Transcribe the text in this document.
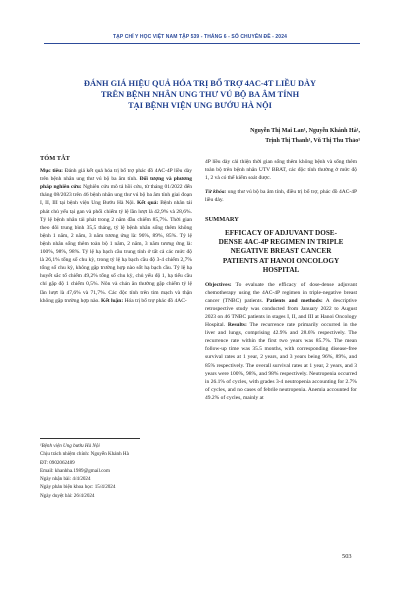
TẠP CHÍ Y HỌC VIỆT NAM TẬP 539 - THÁNG 6 - SỐ CHUYÊN ĐỀ - 2024
ĐÁNH GIÁ HIỆU QUẢ HÓA TRỊ BỔ TRỢ 4AC-4T LIỀU DÀY
TRÊN BỆNH NHÂN UNG THƯ VÚ BỘ BA ÂM TÍNH
TẠI BỆNH VIỆN UNG BƯỚU HÀ NỘI
Nguyễn Thị Mai Lan¹, Nguyễn Khánh Hà¹,
Trịnh Thị Thanh¹, Vũ Thị Thu Thảo¹

TÓM TẮT

Mục tiêu: Đánh giá kết quả hóa trị bổ trợ phác đồ 4AC-4P liều dày trên bệnh nhân ung thư vú bộ ba âm tính. Đối tượng và phương pháp nghiên cứu: Nghiên cứu mô tả hồi cứu, từ tháng 01/2022 đến tháng 08/2023 trên 46 bệnh nhân ung thư vú bộ ba âm tính giai đoạn I, II, III tại bệnh viện Ung Bướu Hà Nội. Kết quả: Bệnh nhân tái phát chủ yếu tại gan và phổi chiếm tỷ lệ lần lượt là 42,9% và 28,6%. Tỷ lệ bệnh nhân tái phát trong 2 năm đầu chiếm 85,7%. Thời gian theo dõi trung bình 35,5 tháng, tỷ lệ bệnh nhân sống thêm không bệnh 1 năm, 2 năm, 3 năm tương ứng là: 96%, 89%, 85%. Tỷ lệ bệnh nhân sống thêm toàn bộ 1 năm, 2 năm, 3 năm tương ứng là: 100%, 98%, 98%. Tỷ lệ hạ bạch cầu trung tính ở tất cả các mức độ là 26,1% tổng số chu kỳ, trong tỷ lệ hạ bạch cầu độ 3-4 chiếm 2,7% tổng số chu kỳ, không gặp trường hợp nào sốt hạ bạch cầu. Tỷ lệ hạ huyết sắc tố chiếm 49,2% tổng số chu kỳ, chủ yếu độ 1, hạ tiểu cầu chỉ gặp độ 1 chiếm 0,5%. Nôn và chán ăn thường gặp chiếm tỷ lệ lần lượt là 47,6% và 71,7%. Các độc tính trên tim mạch và thận không gặp trường hợp nào. Kết luận: Hóa trị bổ trợ phác đồ 4AC-

¹Bệnh viện Ung bướu Hà Nội
Chịu trách nhiệm chính: Nguyễn Khánh Hà
ĐT: 0902062489
Email: khanhha.1989@gmail.com
Ngày nhận bài: 4/4/2024
Ngày phản biện khoa học: 15/4/2024
Ngày duyệt bài: 26/4/2024

4P liều dày cải thiện thời gian sống thêm không bệnh và sống thêm toàn bộ trên bệnh nhân UTV BBAT, các độc tính thường ở mức độ 1, 2 và có thể kiểm soát được.

Từ khóa: ung thư vú bộ ba âm tính, điều trị bổ trợ, phác đồ 4AC-4P liều dày.

SUMMARY

EFFICACY OF ADJUVANT DOSE-
DENSE 4AC-4P REGIMEN IN TRIPLE
NEGATIVE BREAST CANCER
PATIENTS AT HANOI ONCOLOGY
HOSPITAL

Objectives: To evaluate the efficacy of dose-dense adjuvant chemotherapy using the 4AC-4P regimen in triple-negative breast cancer (TNBC) patients. Patients and methods: A descriptive retrospective study was conducted from January 2022 to August 2023 on 46 TNBC patients in stages I, II, and III at Hanoi Oncology Hospital. Results: The recurrence rate primarily occurred in the liver and lungs, comprising 42.9% and 28.6% respectively. The recurrence rate within the first two years was 85.7%. The mean follow-up time was 35.5 months, with corresponding disease-free survival rates at 1 year, 2 years, and 3 years being 96%, 89%, and 85% respectively. The overall survival rates at 1 year, 2 years, and 3 years were 100%, 98%, and 98% respectively. Neutropenia occurred in 26.1% of cycles, with grades 3-4 neutropenia accounting for 2.7% of cycles, and no cases of febrile neutropenia. Anemia accounted for 49.2% of cycles, mainly at

503
